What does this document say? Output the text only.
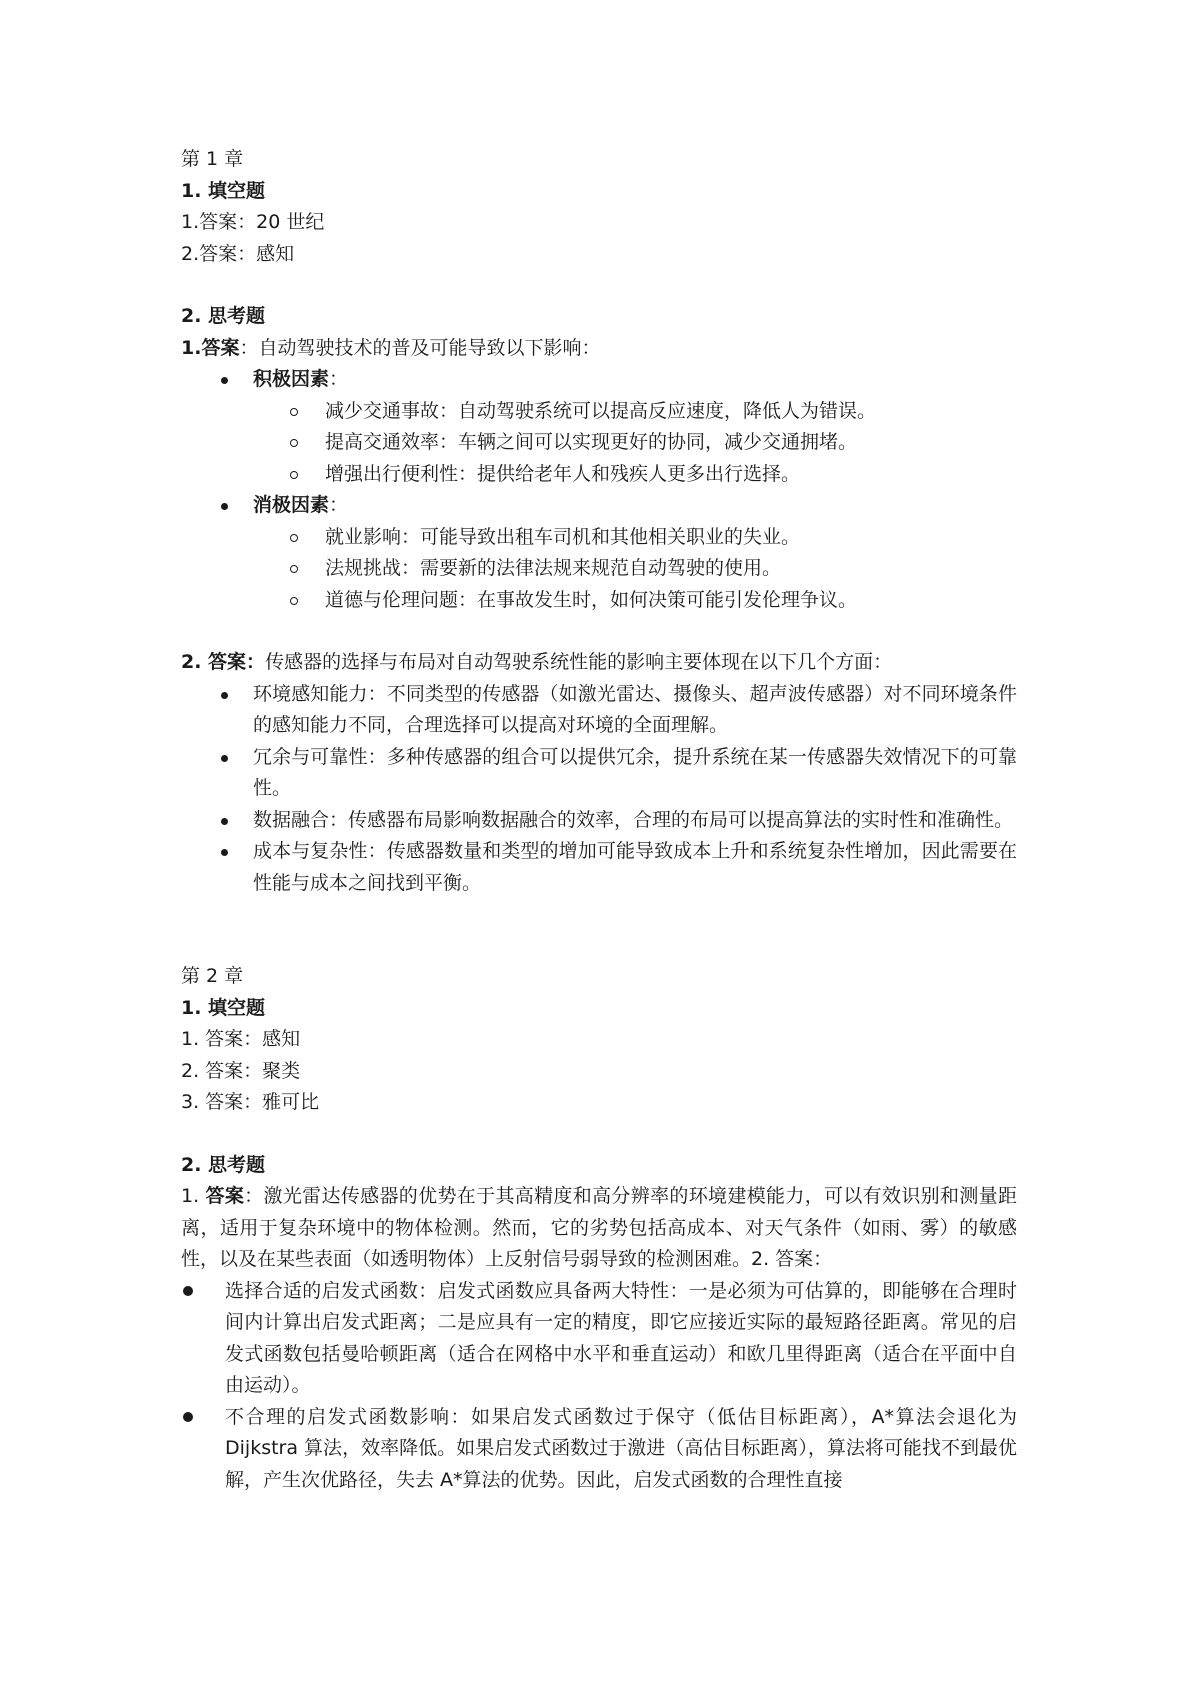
第 1 章

1. 填空题

1.答案：20 世纪

2.答案：感知

2. 思考题

1.答案：自动驾驶技术的普及可能导致以下影响：

积极因素：
减少交通事故：自动驾驶系统可以提高反应速度，降低人为错误。
提高交通效率：车辆之间可以实现更好的协同，减少交通拥堵。
增强出行便利性：提供给老年人和残疾人更多出行选择。
消极因素：
就业影响：可能导致出租车司机和其他相关职业的失业。
法规挑战：需要新的法律法规来规范自动驾驶的使用。
道德与伦理问题：在事故发生时，如何决策可能引发伦理争议。

2. 答案：传感器的选择与布局对自动驾驶系统性能的影响主要体现在以下几个方面：

环境感知能力：不同类型的传感器（如激光雷达、摄像头、超声波传感器）对不同环境条件的感知能力不同，合理选择可以提高对环境的全面理解。
冗余与可靠性：多种传感器的组合可以提供冗余，提升系统在某一传感器失效情况下的可靠性。
数据融合：传感器布局影响数据融合的效率，合理的布局可以提高算法的实时性和准确性。
成本与复杂性：传感器数量和类型的增加可能导致成本上升和系统复杂性增加，因此需要在性能与成本之间找到平衡。

第 2 章

1. 填空题

1. 答案：感知

2. 答案：聚类

3. 答案：雅可比

2. 思考题

1. 答案：激光雷达传感器的优势在于其高精度和高分辨率的环境建模能力，可以有效识别和测量距离，适用于复杂环境中的物体检测。然而，它的劣势包括高成本、对天气条件（如雨、雾）的敏感性，以及在某些表面（如透明物体）上反射信号弱导致的检测困难。2. 答案：

选择合适的启发式函数：启发式函数应具备两大特性：一是必须为可估算的，即能够在合理时间内计算出启发式距离；二是应具有一定的精度，即它应接近实际的最短路径距离。常见的启发式函数包括曼哈顿距离（适合在网格中水平和垂直运动）和欧几里得距离（适合在平面中自由运动）。
不合理的启发式函数影响：如果启发式函数过于保守（低估目标距离），A*算法会退化为 Dijkstra 算法，效率降低。如果启发式函数过于激进（高估目标距离），算法将可能找不到最优解，产生次优路径，失去 A*算法的优势。因此，启发式函数的合理性直接
